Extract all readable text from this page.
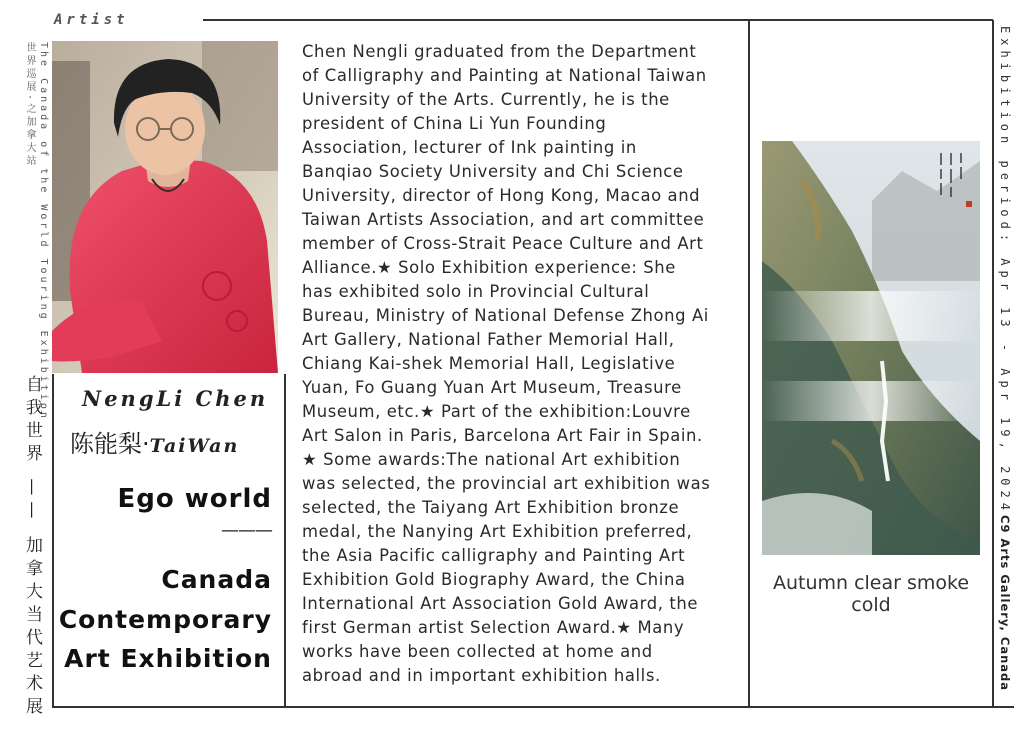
Artist
The Canada of the World Touring Exhibition
世界巡展·之加拿大站
自我世界 —— 加拿大当代艺术展 NengLi Chen
陈能梨·TaiWan
Ego world
———
Canada
Contemporary
Art Exhibition
Chen Nengli graduated from the Department
of Calligraphy and Painting at National Taiwan
University of the Arts. Currently, he is the
president of China Li Yun Founding
Association, lecturer of Ink painting in
Banqiao Society University and Chi Science
University, director of Hong Kong, Macao and
Taiwan Artists Association, and art committee
member of Cross-Strait Peace Culture and Art
Alliance.★ Solo Exhibition experience: She
has exhibited solo in Provincial Cultural
Bureau, Ministry of National Defense Zhong Ai
Art Gallery, National Father Memorial Hall,
Chiang Kai-shek Memorial Hall, Legislative
Yuan, Fo Guang Yuan Art Museum, Treasure
Museum, etc.★ Part of the exhibition:Louvre
Art Salon in Paris, Barcelona Art Fair in Spain.
★ Some awards:The national Art exhibition
was selected, the provincial art exhibition was
selected, the Taiyang Art Exhibition bronze
medal, the Nanying Art Exhibition preferred,
the Asia Pacific calligraphy and Painting Art
Exhibition Gold Biography Award, the China
International Art Association Gold Award, the
first German artist Selection Award.★ Many
works have been collected at home and
abroad and in important exhibition halls.
Autumn clear smoke cold
Exhibition period: Apr 13 - Apr 19, 2024
C9 Arts Gallery, Canada
